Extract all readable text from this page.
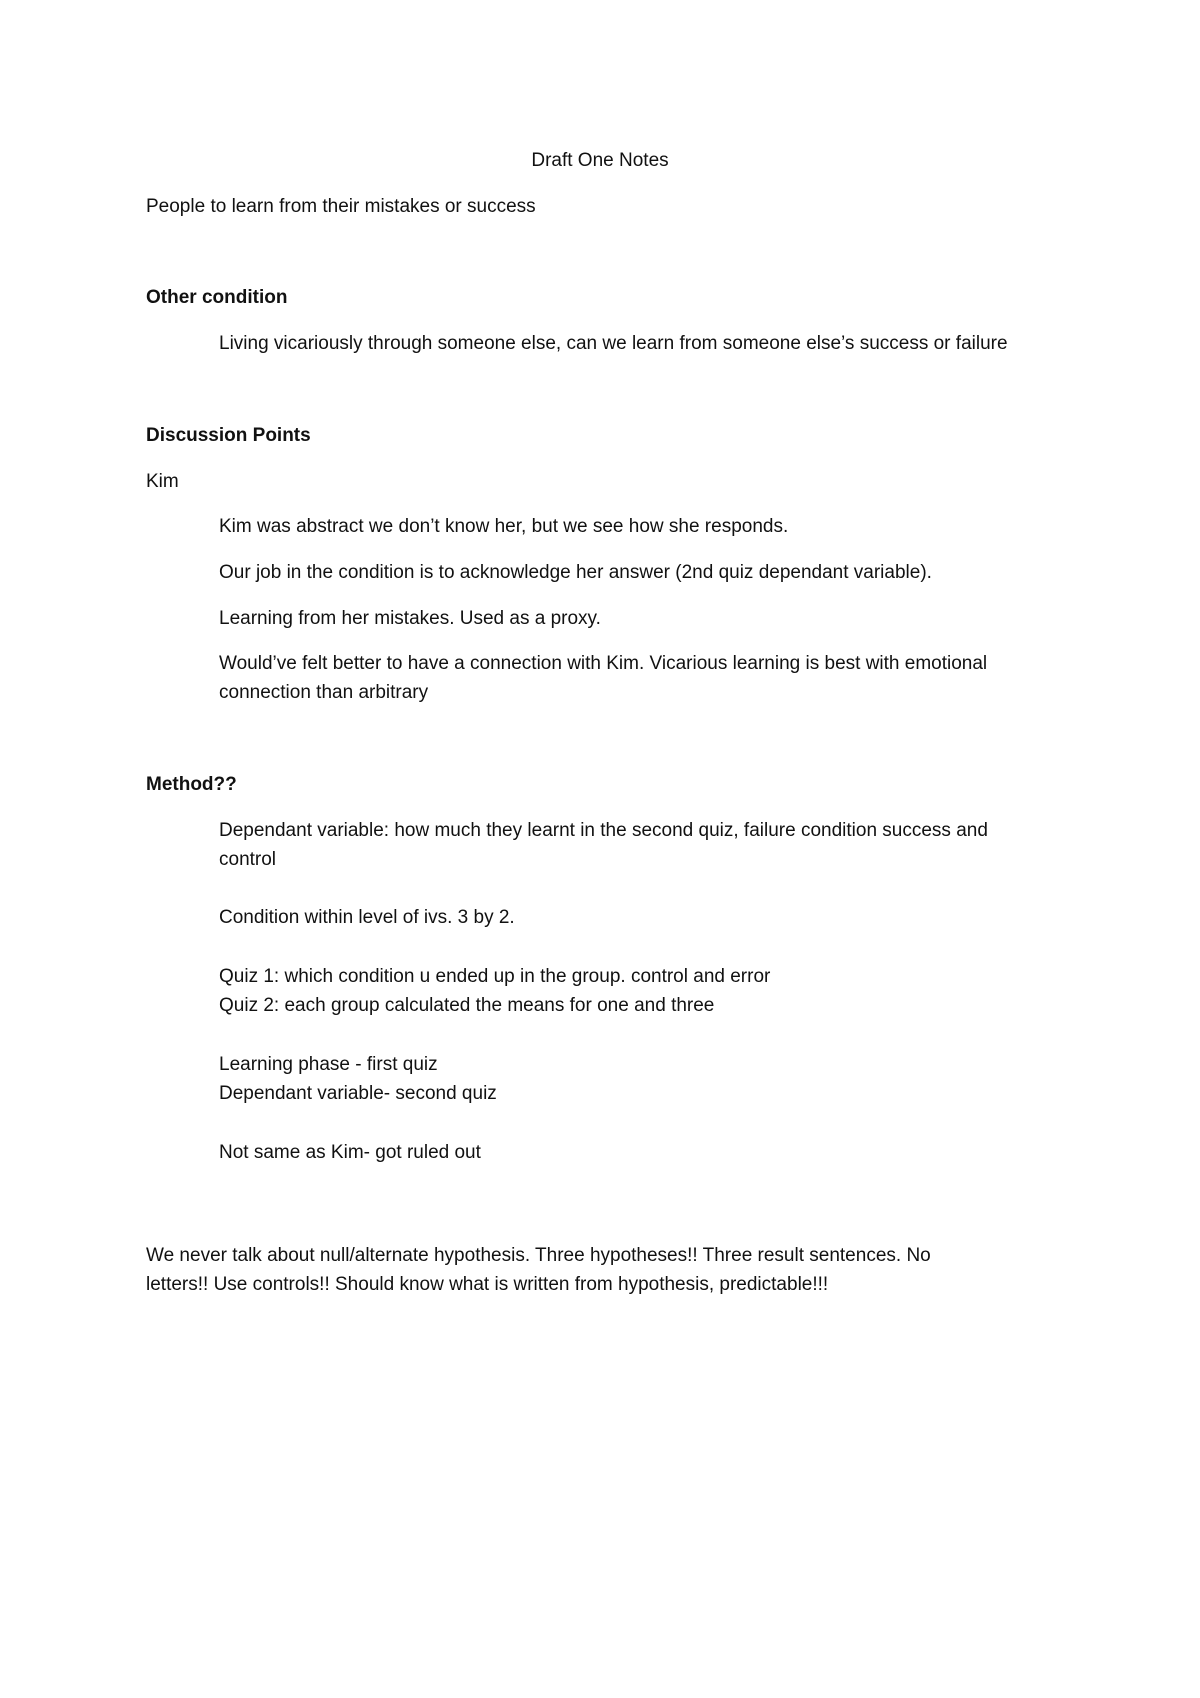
Draft One Notes
People to learn from their mistakes or success
Other condition
Living vicariously through someone else, can we learn from someone else’s success or failure
Discussion Points
Kim
Kim was abstract we don’t know her, but we see how she responds.
Our job in the condition is to acknowledge her answer (2nd quiz dependant variable).
Learning from her mistakes. Used as a proxy.
Would’ve felt better to have a connection with Kim. Vicarious learning is best with emotional
connection than arbitrary
Method??
Dependant variable: how much they learnt in the second quiz, failure condition success and
control
Condition within level of ivs. 3 by 2.
Quiz 1: which condition u ended up in the group. control and error
Quiz 2: each group calculated the means for one and three
Learning phase - first quiz
Dependant variable- second quiz
Not same as Kim- got ruled out
We never talk about null/alternate hypothesis. Three hypotheses!! Three result sentences. No
letters!! Use controls!! Should know what is written from hypothesis, predictable!!!
